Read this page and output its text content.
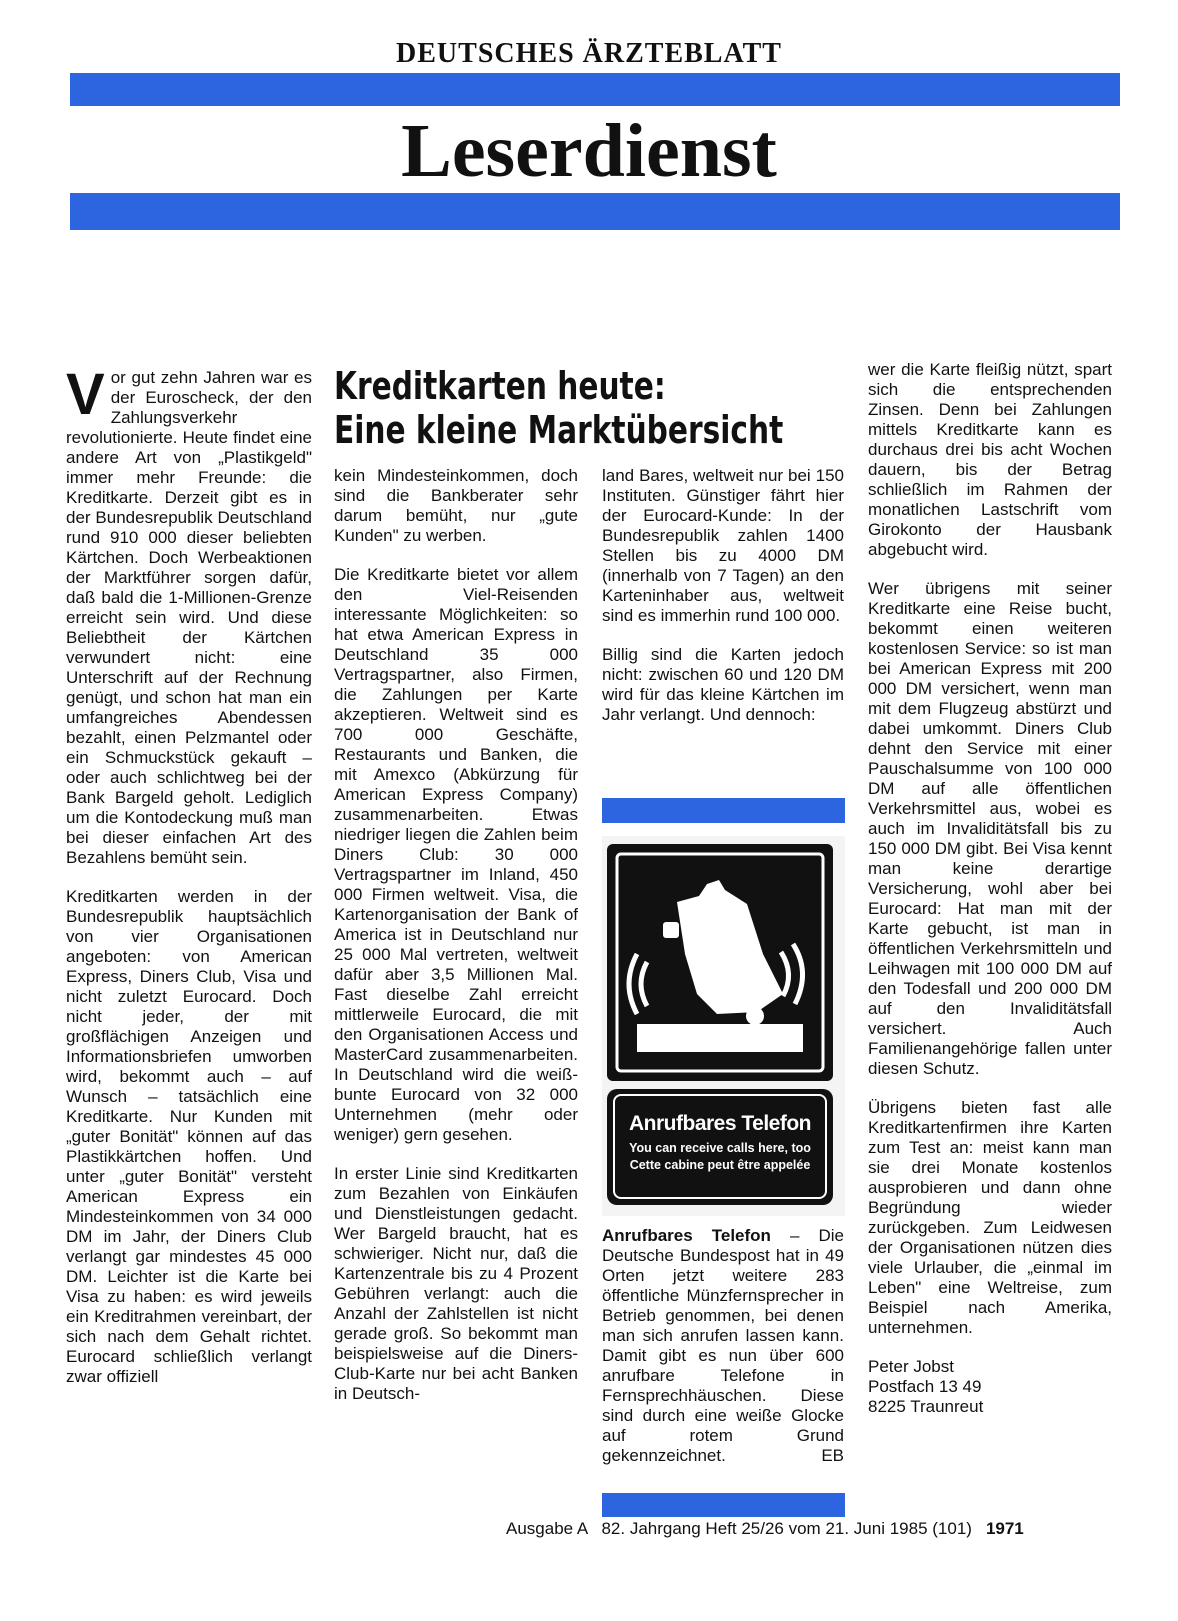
DEUTSCHES ÄRZTEBLATT
Leserdienst

Vor gut zehn Jahren war es der Euroscheck, der den Zahlungsverkehr revolutionierte. Heute findet eine andere Art von „Plastikgeld" immer mehr Freunde: die Kreditkarte. Derzeit gibt es in der Bundesrepublik Deutschland rund 910 000 dieser beliebten Kärtchen. Doch Werbeaktionen der Marktführer sorgen dafür, daß bald die 1-Millionen-Grenze erreicht sein wird. Und diese Beliebtheit der Kärtchen verwundert nicht: eine Unterschrift auf der Rechnung genügt, und schon hat man ein umfangreiches Abendessen bezahlt, einen Pelzmantel oder ein Schmuckstück gekauft – oder auch schlichtweg bei der Bank Bargeld geholt. Lediglich um die Kontodeckung muß man bei dieser einfachen Art des Bezahlens bemüht sein.

Kreditkarten werden in der Bundesrepublik hauptsächlich von vier Organisationen angeboten: von American Express, Diners Club, Visa und nicht zuletzt Eurocard. Doch nicht jeder, der mit großflächigen Anzeigen und Informationsbriefen umworben wird, bekommt auch – auf Wunsch – tatsächlich eine Kreditkarte. Nur Kunden mit „guter Bonität" können auf das Plastikkärtchen hoffen. Und unter „guter Bonität" versteht American Express ein Mindesteinkommen von 34 000 DM im Jahr, der Diners Club verlangt gar mindestes 45 000 DM. Leichter ist die Karte bei Visa zu haben: es wird jeweils ein Kreditrahmen vereinbart, der sich nach dem Gehalt richtet. Eurocard schließlich verlangt zwar offiziell

Kreditkarten heute:
Eine kleine Marktübersicht

kein Mindesteinkommen, doch sind die Bankberater sehr darum bemüht, nur „gute Kunden" zu werben.

Die Kreditkarte bietet vor allem den Viel-Reisenden interessante Möglichkeiten: so hat etwa American Express in Deutschland 35 000 Vertragspartner, also Firmen, die Zahlungen per Karte akzeptieren. Weltweit sind es 700 000 Geschäfte, Restaurants und Banken, die mit Amexco (Abkürzung für American Express Company) zusammenarbeiten. Etwas niedriger liegen die Zahlen beim Diners Club: 30 000 Vertragspartner im Inland, 450 000 Firmen weltweit. Visa, die Kartenorganisation der Bank of America ist in Deutschland nur 25 000 Mal vertreten, weltweit dafür aber 3,5 Millionen Mal. Fast dieselbe Zahl erreicht mittlerweile Eurocard, die mit den Organisationen Access und MasterCard zusammenarbeiten. In Deutschland wird die weiß-bunte Eurocard von 32 000 Unternehmen (mehr oder weniger) gern gesehen.

In erster Linie sind Kreditkarten zum Bezahlen von Einkäufen und Dienstleistungen gedacht. Wer Bargeld braucht, hat es schwieriger. Nicht nur, daß die Kartenzentrale bis zu 4 Prozent Gebühren verlangt: auch die Anzahl der Zahlstellen ist nicht gerade groß. So bekommt man beispielsweise auf die Diners-Club-Karte nur bei acht Banken in Deutsch-

land Bares, weltweit nur bei 150 Instituten. Günstiger fährt hier der Eurocard-Kunde: In der Bundesrepublik zahlen 1400 Stellen bis zu 4000 DM (innerhalb von 7 Tagen) an den Karteninhaber aus, weltweit sind es immerhin rund 100 000.

Billig sind die Karten jedoch nicht: zwischen 60 und 120 DM wird für das kleine Kärtchen im Jahr verlangt. Und dennoch:

Anrufbares Telefon
You can receive calls here, too
Cette cabine peut être appelée

Anrufbares Telefon – Die Deutsche Bundespost hat in 49 Orten jetzt weitere 283 öffentliche Münzfernsprecher in Betrieb genommen, bei denen man sich anrufen lassen kann. Damit gibt es nun über 600 anrufbare Telefone in Fernsprechhäuschen. Diese sind durch eine weiße Glocke auf rotem Grund gekennzeichnet.	EB

wer die Karte fleißig nützt, spart sich die entsprechenden Zinsen. Denn bei Zahlungen mittels Kreditkarte kann es durchaus drei bis acht Wochen dauern, bis der Betrag schließlich im Rahmen der monatlichen Lastschrift vom Girokonto der Hausbank abgebucht wird.

Wer übrigens mit seiner Kreditkarte eine Reise bucht, bekommt einen weiteren kostenlosen Service: so ist man bei American Express mit 200 000 DM versichert, wenn man mit dem Flugzeug abstürzt und dabei umkommt. Diners Club dehnt den Service mit einer Pauschalsumme von 100 000 DM auf alle öffentlichen Verkehrsmittel aus, wobei es auch im Invaliditätsfall bis zu 150 000 DM gibt. Bei Visa kennt man keine derartige Versicherung, wohl aber bei Eurocard: Hat man mit der Karte gebucht, ist man in öffentlichen Verkehrsmitteln und Leihwagen mit 100 000 DM auf den Todesfall und 200 000 DM auf den Invaliditätsfall versichert. Auch Familienangehörige fallen unter diesen Schutz.

Übrigens bieten fast alle Kreditkartenfirmen ihre Karten zum Test an: meist kann man sie drei Monate kostenlos ausprobieren und dann ohne Begründung wieder zurückgeben. Zum Leidwesen der Organisationen nützen dies viele Urlauber, die „einmal im Leben" eine Weltreise, zum Beispiel nach Amerika, unternehmen.

Peter Jobst
Postfach 13 49
8225 Traunreut

Ausgabe A   82. Jahrgang Heft 25/26 vom 21. Juni 1985 (101) 1971
